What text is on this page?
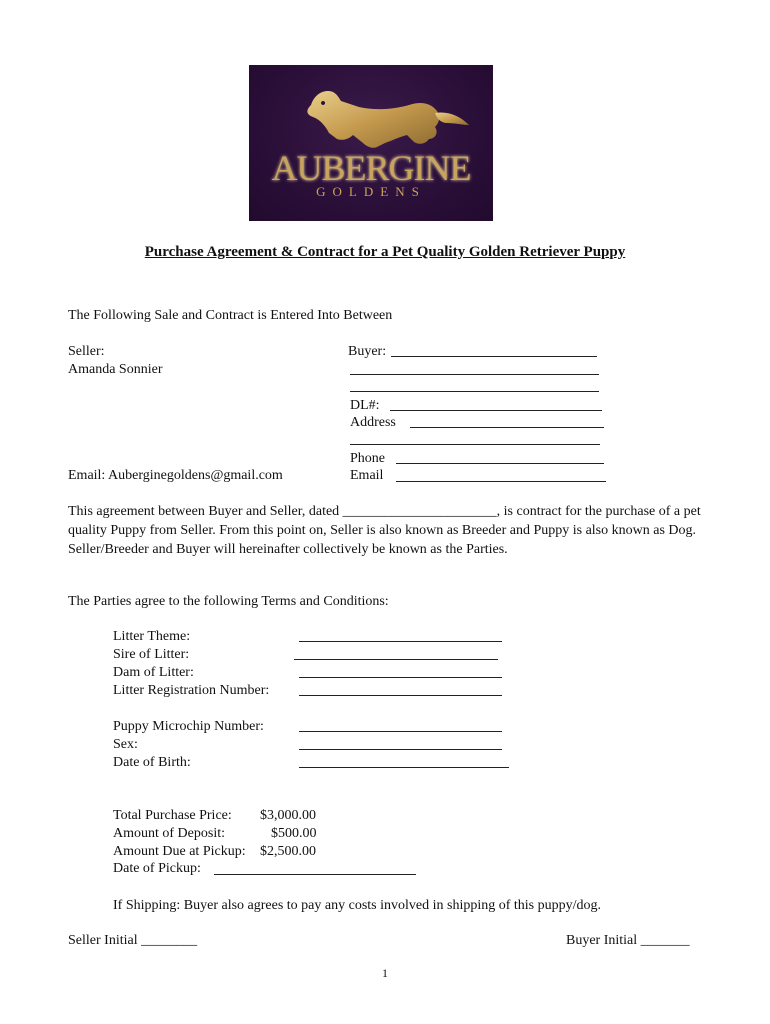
AUBERGINE
GOLDENS
Purchase Agreement & Contract for a Pet Quality Golden Retriever Puppy
The Following Sale and Contract is Entered Into Between
Seller:
Amanda Sonnier
Email: Auberginegoldens@gmail.com
Buyer:
DL#:
Address
Phone
Email
This agreement between Buyer and Seller, dated ______________________, is contract for the purchase of a pet quality Puppy from Seller. From this point on, Seller is also known as Breeder and Puppy is also known as Dog. Seller/Breeder and Buyer will hereinafter collectively be known as the Parties.
The Parties agree to the following Terms and Conditions:
Litter Theme:
Sire of Litter:
Dam of Litter:
Litter Registration Number:
Puppy Microchip Number:
Sex:
Date of Birth:
Total Purchase Price: $3,000.00
Amount of Deposit:	$500.00
Amount Due at Pickup: $2,500.00
Date of Pickup:
If Shipping: Buyer also agrees to pay any costs involved in shipping of this puppy/dog.
Seller Initial ________	Buyer Initial _______
1
